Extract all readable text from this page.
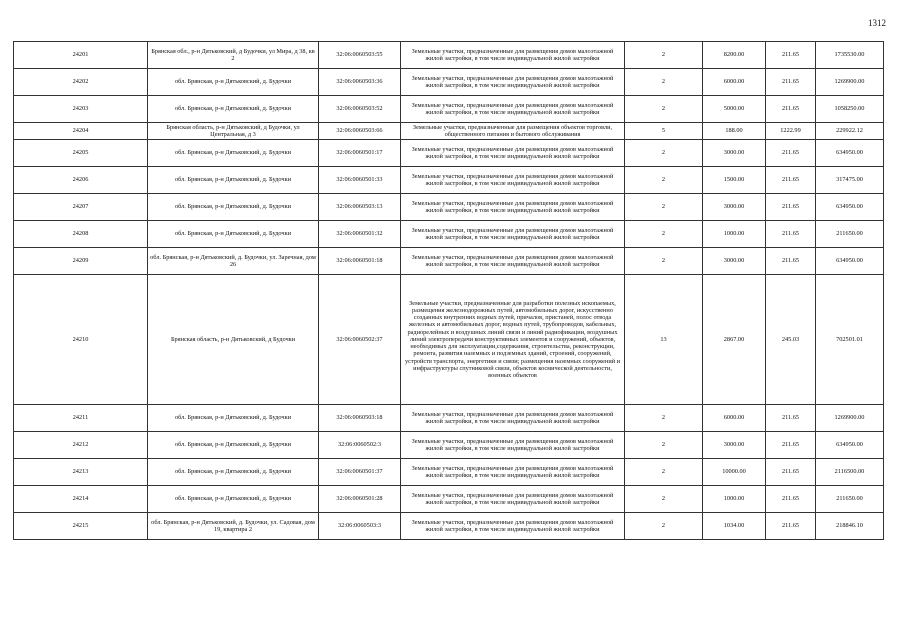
1312
24201	Брянская обл., р-н Дятьковский, д Будочки, ул Мира, д 38, кв 2	32:06:0060503:55	Земельные участки, предназначенные для размещения домов малоэтажной жилой застройки, в том числе индивидуальной жилой застройки	2	8200.00	211.65	1735530.00
24202	обл. Брянская, р-н Дятьковский, д. Будочки	32:06:0060503:36	Земельные участки, предназначенные для размещения домов малоэтажной жилой застройки, в том числе индивидуальной жилой застройки	2	6000.00	211.65	1269900.00
24203	обл. Брянская, р-н Дятьковский, д. Будочки	32:06:0060503:52	Земельные участки, предназначенные для размещения домов малоэтажной жилой застройки, в том числе индивидуальной жилой застройки	2	5000.00	211.65	1058250.00
24204	Брянская область, р-н Дятьковский, д Будочки, ул Центральная, д 3	32:06:0060503:66	Земельные участки, предназначенные для размещения объектов торговли, общественного питания и бытового обслуживания	5	188.00	1222.99	229922.12
24205	обл. Брянская, р-н Дятьковский, д. Будочки	32:06:0060501:17	Земельные участки, предназначенные для размещения домов малоэтажной жилой застройки, в том числе индивидуальной жилой застройки	2	3000.00	211.65	634950.00
24206	обл. Брянская, р-н Дятьковский, д. Будочки	32:06:0060501:33	Земельные участки, предназначенные для размещения домов малоэтажной жилой застройки, в том числе индивидуальной жилой застройки	2	1500.00	211.65	317475.00
24207	обл. Брянская, р-н Дятьковский, д. Будочки	32:06:0060503:13	Земельные участки, предназначенные для размещения домов малоэтажной жилой застройки, в том числе индивидуальной жилой застройки	2	3000.00	211.65	634950.00
24208	обл. Брянская, р-н Дятьковский, д. Будочки	32:06:0060501:32	Земельные участки, предназначенные для размещения домов малоэтажной жилой застройки, в том числе индивидуальной жилой застройки	2	1000.00	211.65	211650.00
24209	обл. Брянская, р-н Дятьковский, д. Будочки, ул. Заречная, дом 26	32:06:0060501:18	Земельные участки, предназначенные для размещения домов малоэтажной жилой застройки, в том числе индивидуальной жилой застройки	2	3000.00	211.65	634950.00
24210	Брянская область, р-н Дятьковский, д Будочки	32:06:0060502:37	Земельные участки, предназначенные для разработки полезных ископаемых, размещения железнодорожных путей, автомобильных дорог, искусственно созданных внутренних водных путей, причалов, пристаней, полос отвода железных и автомобильных дорог, водных путей, трубопроводов, кабельных, радиорелейных и воздушных линий связи и линий радиофикации, воздушных линий электропередачи конструктивных элементов и сооружений, объектов, необходимых для эксплуатации,содержания, строительства, реконструкции, ремонта, развития наземных и подземных зданий, строений, сооружений, устройств транспорта, энергетики и связи; размещения наземных сооружений и инфраструктуры спутниковой связи, объектов космической деятельности, военных объектов	13	2867.00	245.03	702501.01
24211	обл. Брянская, р-н Дятьковский, д. Будочки	32:06:0060503:18	Земельные участки, предназначенные для размещения домов малоэтажной жилой застройки, в том числе индивидуальной жилой застройки	2	6000.00	211.65	1269900.00
24212	обл. Брянская, р-н Дятьковский, д. Будочки	32:06:0060502:3	Земельные участки, предназначенные для размещения домов малоэтажной жилой застройки, в том числе индивидуальной жилой застройки	2	3000.00	211.65	634950.00
24213	обл. Брянская, р-н Дятьковский, д. Будочки	32:06:0060501:37	Земельные участки, предназначенные для размещения домов малоэтажной жилой застройки, в том числе индивидуальной жилой застройки	2	10000.00	211.65	2116500.00
24214	обл. Брянская, р-н Дятьковский, д. Будочки	32:06:0060501:28	Земельные участки, предназначенные для размещения домов малоэтажной жилой застройки, в том числе индивидуальной жилой застройки	2	1000.00	211.65	211650.00
24215	обл. Брянская, р-н Дятьковский, д. Будочки, ул. Садовая, дом 19, квартира 2	32:06:0060503:3	Земельные участки, предназначенные для размещения домов малоэтажной жилой застройки, в том числе индивидуальной жилой застройки	2	1034.00	211.65	218846.10
